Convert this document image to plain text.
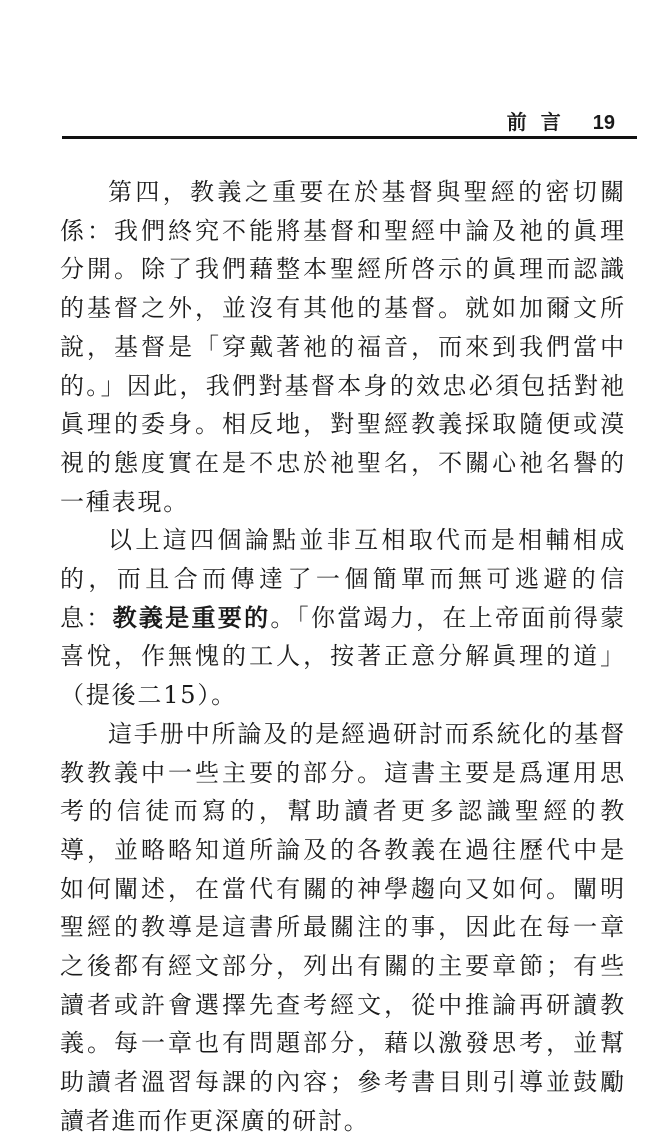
前言 19

第四，教義之重要在於基督與聖經的密切關係：我們終究不能將基督和聖經中論及祂的眞理分開。除了我們藉整本聖經所啓示的眞理而認識的基督之外，並沒有其他的基督。就如加爾文所說，基督是「穿戴著祂的福音，而來到我們當中的。」因此，我們對基督本身的效忠必須包括對祂眞理的委身。相反地，對聖經教義採取隨便或漠視的態度實在是不忠於祂聖名，不關心祂名譽的一種表現。

以上這四個論點並非互相取代而是相輔相成的，而且合而傳達了一個簡單而無可逃避的信息：教義是重要的。「你當竭力，在上帝面前得蒙喜悅，作無愧的工人，按著正意分解眞理的道」（提後二15）。

這手册中所論及的是經過研討而系統化的基督教教義中一些主要的部分。這書主要是爲運用思考的信徒而寫的，幫助讀者更多認識聖經的教導，並略略知道所論及的各教義在過往歷代中是如何闡述，在當代有關的神學趨向又如何。闡明聖經的教導是這書所最關注的事，因此在每一章之後都有經文部分，列出有關的主要章節；有些讀者或許會選擇先查考經文，從中推論再研讀教義。每一章也有問題部分，藉以激發思考，並幫助讀者溫習每課的內容；參考書目則引導並鼓勵讀者進而作更深廣的研討。
